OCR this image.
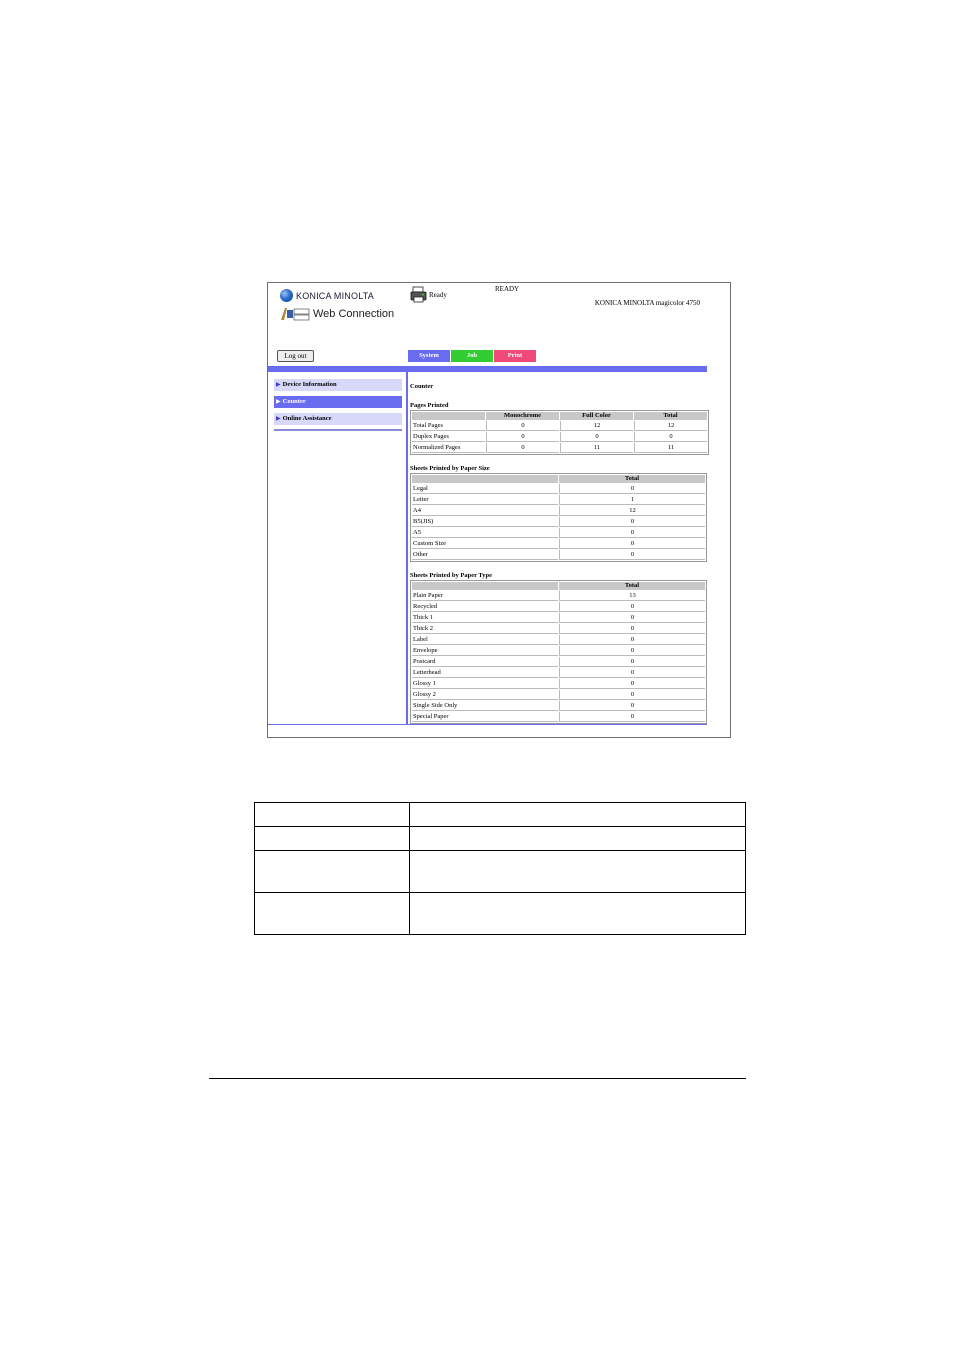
KONICA MINOLTA
Web Connection
Ready
READY
KONICA MINOLTA magicolor 4750
Log out	System	Job	Print
▶ Device Information
▶ Counter
▶ Online Assistance
Counter
Pages Printed
	Monochrome	Full Color	Total
Total Pages	0	12	12
Duplex Pages	0	0	0
Normalized Pages	0	11	11
Sheets Printed by Paper Size
	Total
Legal	0
Letter	1
A4	12
B5(JIS)	0
A5	0
Custom Size	0
Other	0
Sheets Printed by Paper Type
	Total
Plain Paper	13
Recycled	0
Thick 1	0
Thick 2	0
Label	0
Envelope	0
Postcard	0
Letterhead	0
Glossy 1	0
Glossy 2	0
Single Side Only	0
Special Paper	0
